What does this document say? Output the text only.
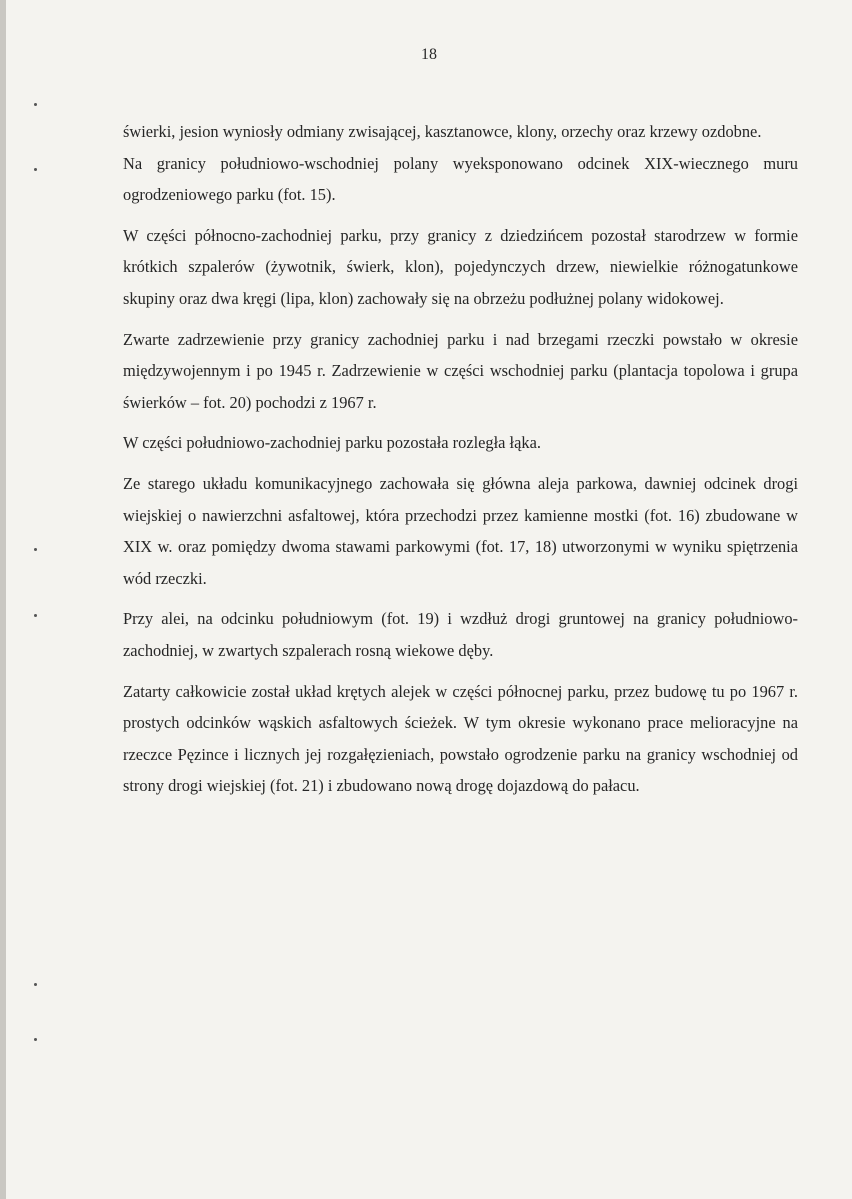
18

świerki, jesion wyniosły odmiany zwisającej, kasztanowce, klony, orzechy oraz krzewy ozdobne.

Na granicy południowo-wschodniej polany wyeksponowano odcinek XIX-wiecznego muru ogrodzeniowego parku (fot. 15).

W części północno-zachodniej parku, przy granicy z dziedzińcem pozostał starodrzew w formie krótkich szpalerów (żywotnik, świerk, klon), pojedynczych drzew, niewielkie różnogatunkowe skupiny oraz dwa kręgi (lipa, klon) zachowały się na obrzeżu podłużnej polany widokowej.

Zwarte zadrzewienie przy granicy zachodniej parku i nad brzegami rzeczki powstało w okresie międzywojennym i po 1945 r. Zadrzewienie w części wschodniej parku (plantacja topolowa i grupa świerków – fot. 20) pochodzi z 1967 r.

W części południowo-zachodniej parku pozostała rozległa łąka.

Ze starego układu komunikacyjnego zachowała się główna aleja parkowa, dawniej odcinek drogi wiejskiej o nawierzchni asfaltowej, która przechodzi przez kamienne mostki (fot. 16) zbudowane w XIX w. oraz pomiędzy dwoma stawami parkowymi (fot. 17, 18) utworzonymi w wyniku spiętrzenia wód rzeczki.

Przy alei, na odcinku południowym (fot. 19) i wzdłuż drogi gruntowej na granicy południowo-zachodniej, w zwartych szpalerach rosną wiekowe dęby.

Zatarty całkowicie został układ krętych alejek w części północnej parku, przez budowę tu po 1967 r. prostych odcinków wąskich asfaltowych ścieżek. W tym okresie wykonano prace melioracyjne na rzeczce Pęzince i licznych jej rozgałęzieniach, powstało ogrodzenie parku na granicy wschodniej od strony drogi wiejskiej (fot. 21) i zbudowano nową drogę dojazdową do pałacu.
